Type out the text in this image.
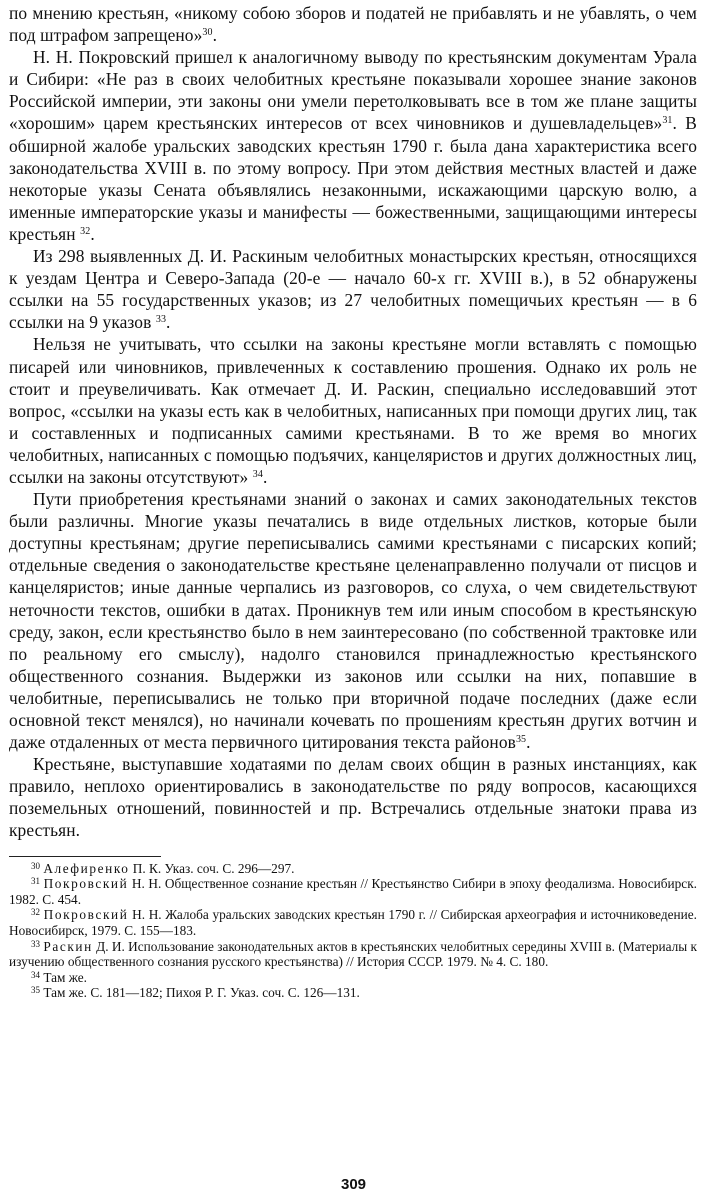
по мнению крестьян, «никому собою зборов и податей не прибавлять и не убавлять, о чем под штрафом запрещено»$^{30}$.

Н. Н. Покровский пришел к аналогичному выводу по крестьянским документам Урала и Сибири: «Не раз в своих челобитных крестьяне показывали хорошее знание законов Российской империи, эти законы они умели перетолковывать все в том же плане защиты «хорошим» царем крестьянских интересов от всех чиновников и душевладельцев»$^{31}$. В обширной жалобе уральских заводских крестьян 1790 г. была дана характеристика всего законодательства XVIII в. по этому вопросу. При этом действия местных властей и даже некоторые указы Сената объявлялись незаконными, искажающими царскую волю, а именные императорские указы и манифесты — божественными, защищающими интересы крестьян $^{32}$.

Из 298 выявленных Д. И. Раскиным челобитных монастырских крестьян, относящихся к уездам Центра и Северо-Запада (20-е — начало 60-х гг. XVIII в.), в 52 обнаружены ссылки на 55 государственных указов; из 27 челобитных помещичьих крестьян — в 6 ссылки на 9 указов $^{33}$.

Нельзя не учитывать, что ссылки на законы крестьяне могли вставлять с помощью писарей или чиновников, привлеченных к составлению прошения. Однако их роль не стоит и преувеличивать. Как отмечает Д. И. Раскин, специально исследовавший этот вопрос, «ссылки на указы есть как в челобитных, написанных при помощи других лиц, так и составленных и подписанных самими крестьянами. В то же время во многих челобитных, написанных с помощью подъячих, канцеляристов и других должностных лиц, ссылки на законы отсутствуют» $^{34}$.

Пути приобретения крестьянами знаний о законах и самих законодательных текстов были различны. Многие указы печатались в виде отдельных листков, которые были доступны крестьянам; другие переписывались самими крестьянами с писарских копий; отдельные сведения о законодательстве крестьяне целенаправленно получали от писцов и канцеляристов; иные данные черпались из разговоров, со слуха, о чем свидетельствуют неточности текстов, ошибки в датах. Проникнув тем или иным способом в крестьянскую среду, закон, если крестьянство было в нем заинтересовано (по собственной трактовке или по реальному его смыслу), надолго становился принадлежностью крестьянского общественного сознания. Выдержки из законов или ссылки на них, попавшие в челобитные, переписывались не только при вторичной подаче последних (даже если основной текст менялся), но начинали кочевать по прошениям крестьян других вотчин и даже отдаленных от места первичного цитирования текста районов$^{35}$.

Крестьяне, выступавшие ходатаями по делам своих общин в разных инстанциях, как правило, неплохо ориентировались в законодательстве по ряду вопросов, касающихся поземельных отношений, повинностей и пр. Встречались отдельные знатоки права из крестьян.

$^{30}$ Алефиренко П. К. Указ. соч. С. 296—297.

$^{31}$ Покровский Н. Н. Общественное сознание крестьян // Крестьянство Сибири в эпоху феодализма. Новосибирск. 1982. С. 454.

$^{32}$ Покровский Н. Н. Жалоба уральских заводских крестьян 1790 г. // Сибирская археография и источниковедение. Новосибирск, 1979. С. 155—183.

$^{33}$ Раскин Д. И. Использование законодательных актов в крестьянских челобитных середины XVIII в. (Материалы к изучению общественного сознания русского крестьянства) // История СССР. 1979. № 4. С. 180.

$^{34}$ Там же.

$^{35}$ Там же. С. 181—182; Пихоя Р. Г. Указ. соч. С. 126—131.

309
